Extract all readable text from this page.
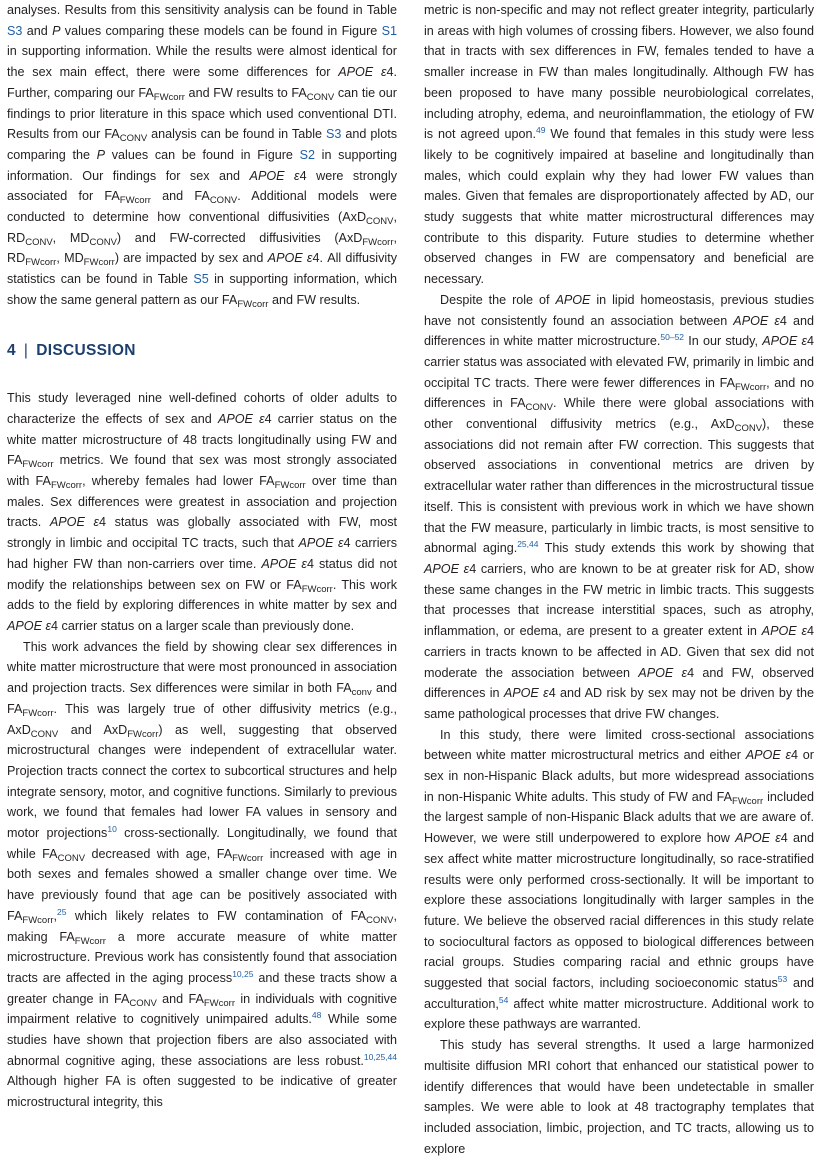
analyses. Results from this sensitivity analysis can be found in Table S3 and P values comparing these models can be found in Figure S1 in supporting information. While the results were almost identical for the sex main effect, there were some differences for APOE ε4. Further, comparing our $FA_{FWcorr}$ and FW results to $FA_{CONV}$ can tie our findings to prior literature in this space which used conventional DTI. Results from our $FA_{CONV}$ analysis can be found in Table S3 and plots comparing the P values can be found in Figure S2 in supporting information. Our findings for sex and APOE ε4 were strongly associated for $FA_{FWcorr}$ and $FA_{CONV}$. Additional models were conducted to determine how conventional diffusivities (AxD$_{CONV}$, $RD_{CONV}$, $MD_{CONV}$) and FW-corrected diffusivities (AxD$_{FWcorr}$, $RD_{FWcorr}$, $MD_{FWcorr}$) are impacted by sex and APOE ε4. All diffusivity statistics can be found in Table S5 in supporting information, which show the same general pattern as our $FA_{FWcorr}$ and FW results.

4 | DISCUSSION

This study leveraged nine well-defined cohorts of older adults to characterize the effects of sex and APOE ε4 carrier status on the white matter microstructure of 48 tracts longitudinally using FW and $FA_{FWcorr}$ metrics. We found that sex was most strongly associated with $FA_{FWcorr}$, whereby females had lower $FA_{FWcorr}$ over time than males. Sex differences were greatest in association and projection tracts. APOE ε4 status was globally associated with FW, most strongly in limbic and occipital TC tracts, such that APOE ε4 carriers had higher FW than non-carriers over time. APOE ε4 status did not modify the relationships between sex on FW or $FA_{FWcorr}$. This work adds to the field by exploring differences in white matter by sex and APOE ε4 carrier status on a larger scale than previously done.

This work advances the field by showing clear sex differences in white matter microstructure that were most pronounced in association and projection tracts. Sex differences were similar in both $FA_{conv}$ and $FA_{FWcorr}$. This was largely true of other diffusivity metrics (e.g., AxD$_{CONV}$ and AxD$_{FWcorr}$) as well, suggesting that observed microstructural changes were independent of extracellular water. Projection tracts connect the cortex to subcortical structures and help integrate sensory, motor, and cognitive functions. Similarly to previous work, we found that females had lower FA values in sensory and motor projections$^{10}$ cross-sectionally. Longitudinally, we found that while $FA_{CONV}$ decreased with age, $FA_{FWcorr}$ increased with age in both sexes and females showed a smaller change over time. We have previously found that age can be positively associated with $FA_{FWcorr},^{25}$ which likely relates to FW contamination of $FA_{CONV}$, making $FA_{FWcorr}$ a more accurate measure of white matter microstructure. Previous work has consistently found that association tracts are affected in the aging process$^{10,25}$ and these tracts show a greater change in $FA_{CONV}$ and $FA_{FWcorr}$ in individuals with cognitive impairment relative to cognitively unimpaired adults.$^{48}$ While some studies have shown that projection fibers are also associated with abnormal cognitive aging, these associations are less robust.$^{10,25,44}$ Although higher FA is often suggested to be indicative of greater microstructural integrity, this

metric is non-specific and may not reflect greater integrity, particularly in areas with high volumes of crossing fibers. However, we also found that in tracts with sex differences in FW, females tended to have a smaller increase in FW than males longitudinally. Although FW has been proposed to have many possible neurobiological correlates, including atrophy, edema, and neuroinflammation, the etiology of FW is not agreed upon.$^{49}$ We found that females in this study were less likely to be cognitively impaired at baseline and longitudinally than males, which could explain why they had lower FW values than males. Given that females are disproportionately affected by AD, our study suggests that white matter microstructural differences may contribute to this disparity. Future studies to determine whether observed changes in FW are compensatory and beneficial are necessary.

Despite the role of APOE in lipid homeostasis, previous studies have not consistently found an association between APOE ε4 and differences in white matter microstructure.$^{50-52}$ In our study, APOE ε4 carrier status was associated with elevated FW, primarily in limbic and occipital TC tracts. There were fewer differences in $FA_{FWcorr}$, and no differences in $FA_{CONV}$. While there were global associations with other conventional diffusivity metrics (e.g., AxD$_{CONV}$), these associations did not remain after FW correction. This suggests that observed associations in conventional metrics are driven by extracellular water rather than differences in the microstructural tissue itself. This is consistent with previous work in which we have shown that the FW measure, particularly in limbic tracts, is most sensitive to abnormal aging.$^{25,44}$ This study extends this work by showing that APOE ε4 carriers, who are known to be at greater risk for AD, show these same changes in the FW metric in limbic tracts. This suggests that processes that increase interstitial spaces, such as atrophy, inflammation, or edema, are present to a greater extent in APOE ε4 carriers in tracts known to be affected in AD. Given that sex did not moderate the association between APOE ε4 and FW, observed differences in APOE ε4 and AD risk by sex may not be driven by the same pathological processes that drive FW changes.

In this study, there were limited cross-sectional associations between white matter microstructural metrics and either APOE ε4 or sex in non-Hispanic Black adults, but more widespread associations in non-Hispanic White adults. This study of FW and $FA_{FWcorr}$ included the largest sample of non-Hispanic Black adults that we are aware of. However, we were still underpowered to explore how APOE ε4 and sex affect white matter microstructure longitudinally, so race-stratified results were only performed cross-sectionally. It will be important to explore these associations longitudinally with larger samples in the future. We believe the observed racial differences in this study relate to sociocultural factors as opposed to biological differences between racial groups. Studies comparing racial and ethnic groups have suggested that social factors, including socioeconomic status$^{53}$ and acculturation,$^{54}$ affect white matter microstructure. Additional work to explore these pathways are warranted.

This study has several strengths. It used a large harmonized multisite diffusion MRI cohort that enhanced our statistical power to identify differences that would have been undetectable in smaller samples. We were able to look at 48 tractography templates that included association, limbic, projection, and TC tracts, allowing us to explore
